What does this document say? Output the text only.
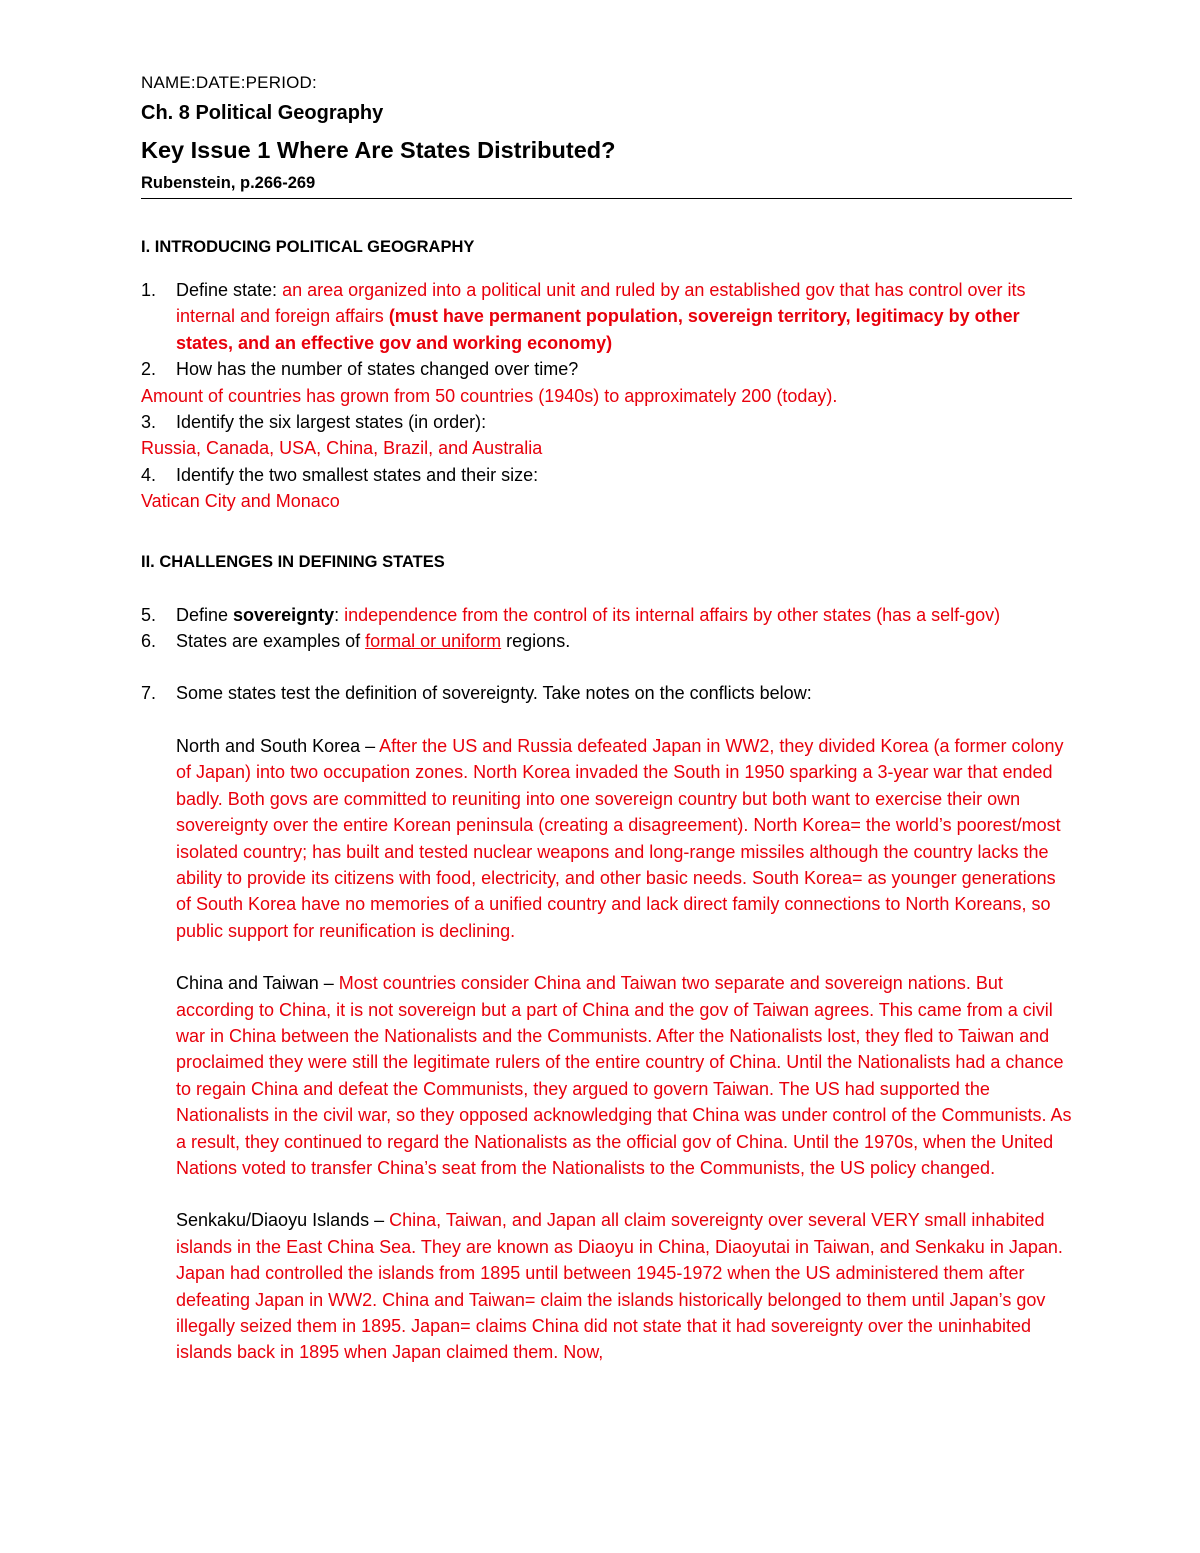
NAME:DATE:PERIOD:
Ch. 8 Political Geography
Key Issue 1 Where Are States Distributed?
Rubenstein, p.266-269
I. INTRODUCING POLITICAL GEOGRAPHY
1. Define state: an area organized into a political unit and ruled by an established gov that has control over its internal and foreign affairs (must have permanent population, sovereign territory, legitimacy by other states, and an effective gov and working economy)
2. How has the number of states changed over time?
Amount of countries has grown from 50 countries (1940s) to approximately 200 (today).
3. Identify the six largest states (in order):
Russia, Canada, USA, China, Brazil, and Australia
4. Identify the two smallest states and their size:
Vatican City and Monaco
II. CHALLENGES IN DEFINING STATES
5. Define sovereignty: independence from the control of its internal affairs by other states (has a self-gov)
6. States are examples of formal or uniform regions.
7. Some states test the definition of sovereignty. Take notes on the conflicts below:
North and South Korea – After the US and Russia defeated Japan in WW2, they divided Korea (a former colony of Japan) into two occupation zones. North Korea invaded the South in 1950 sparking a 3-year war that ended badly. Both govs are committed to reuniting into one sovereign country but both want to exercise their own sovereignty over the entire Korean peninsula (creating a disagreement). North Korea= the world’s poorest/most isolated country; has built and tested nuclear weapons and long-range missiles although the country lacks the ability to provide its citizens with food, electricity, and other basic needs. South Korea= as younger generations of South Korea have no memories of a unified country and lack direct family connections to North Koreans, so public support for reunification is declining.
China and Taiwan – Most countries consider China and Taiwan two separate and sovereign nations. But according to China, it is not sovereign but a part of China and the gov of Taiwan agrees. This came from a civil war in China between the Nationalists and the Communists. After the Nationalists lost, they fled to Taiwan and proclaimed they were still the legitimate rulers of the entire country of China. Until the Nationalists had a chance to regain China and defeat the Communists, they argued to govern Taiwan. The US had supported the Nationalists in the civil war, so they opposed acknowledging that China was under control of the Communists. As a result, they continued to regard the Nationalists as the official gov of China. Until the 1970s, when the United Nations voted to transfer China’s seat from the Nationalists to the Communists, the US policy changed.
Senkaku/Diaoyu Islands – China, Taiwan, and Japan all claim sovereignty over several VERY small inhabited islands in the East China Sea. They are known as Diaoyu in China, Diaoyutai in Taiwan, and Senkaku in Japan. Japan had controlled the islands from 1895 until between 1945-1972 when the US administered them after defeating Japan in WW2. China and Taiwan= claim the islands historically belonged to them until Japan’s gov illegally seized them in 1895. Japan= claims China did not state that it had sovereignty over the uninhabited islands back in 1895 when Japan claimed them. Now,
